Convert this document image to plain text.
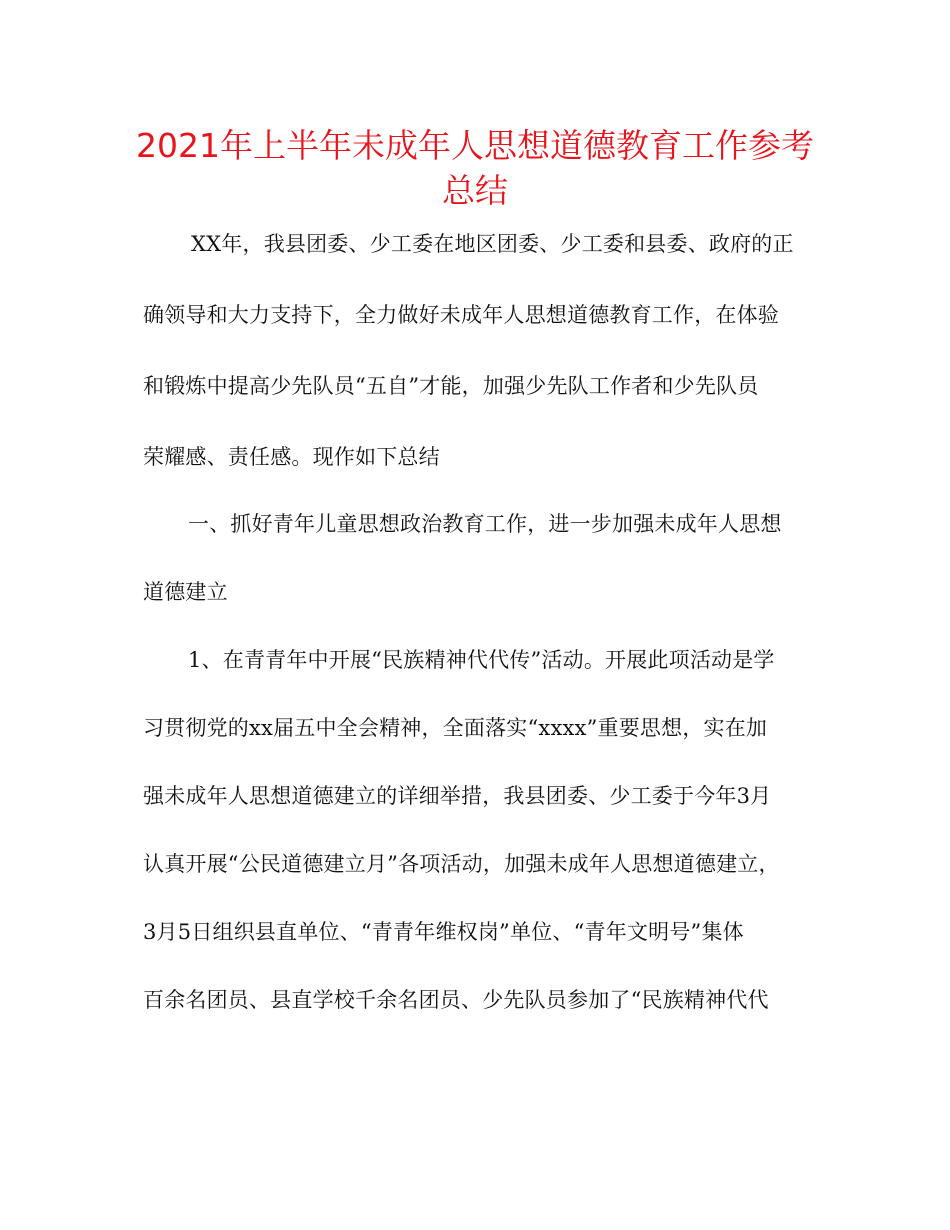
2021年上半年未成年人思想道德教育工作参考
总结
XX年，我县团委、少工委在地区团委、少工委和县委、政府的正
确领导和大力支持下，全力做好未成年人思想道德教育工作，在体验
和锻炼中提高少先队员“五自”才能，加强少先队工作者和少先队员
荣耀感、责任感。现作如下总结
一、抓好青年儿童思想政治教育工作，进一步加强未成年人思想
道德建立
1、在青青年中开展“民族精神代代传”活动。开展此项活动是学
习贯彻党的xx届五中全会精神，全面落实“xxxx”重要思想，实在加
强未成年人思想道德建立的详细举措，我县团委、少工委于今年3月
认真开展“公民道德建立月”各项活动，加强未成年人思想道德建立，
3月5日组织县直单位、“青青年维权岗”单位、“青年文明号”集体
百余名团员、县直学校千余名团员、少先队员参加了“民族精神代代
